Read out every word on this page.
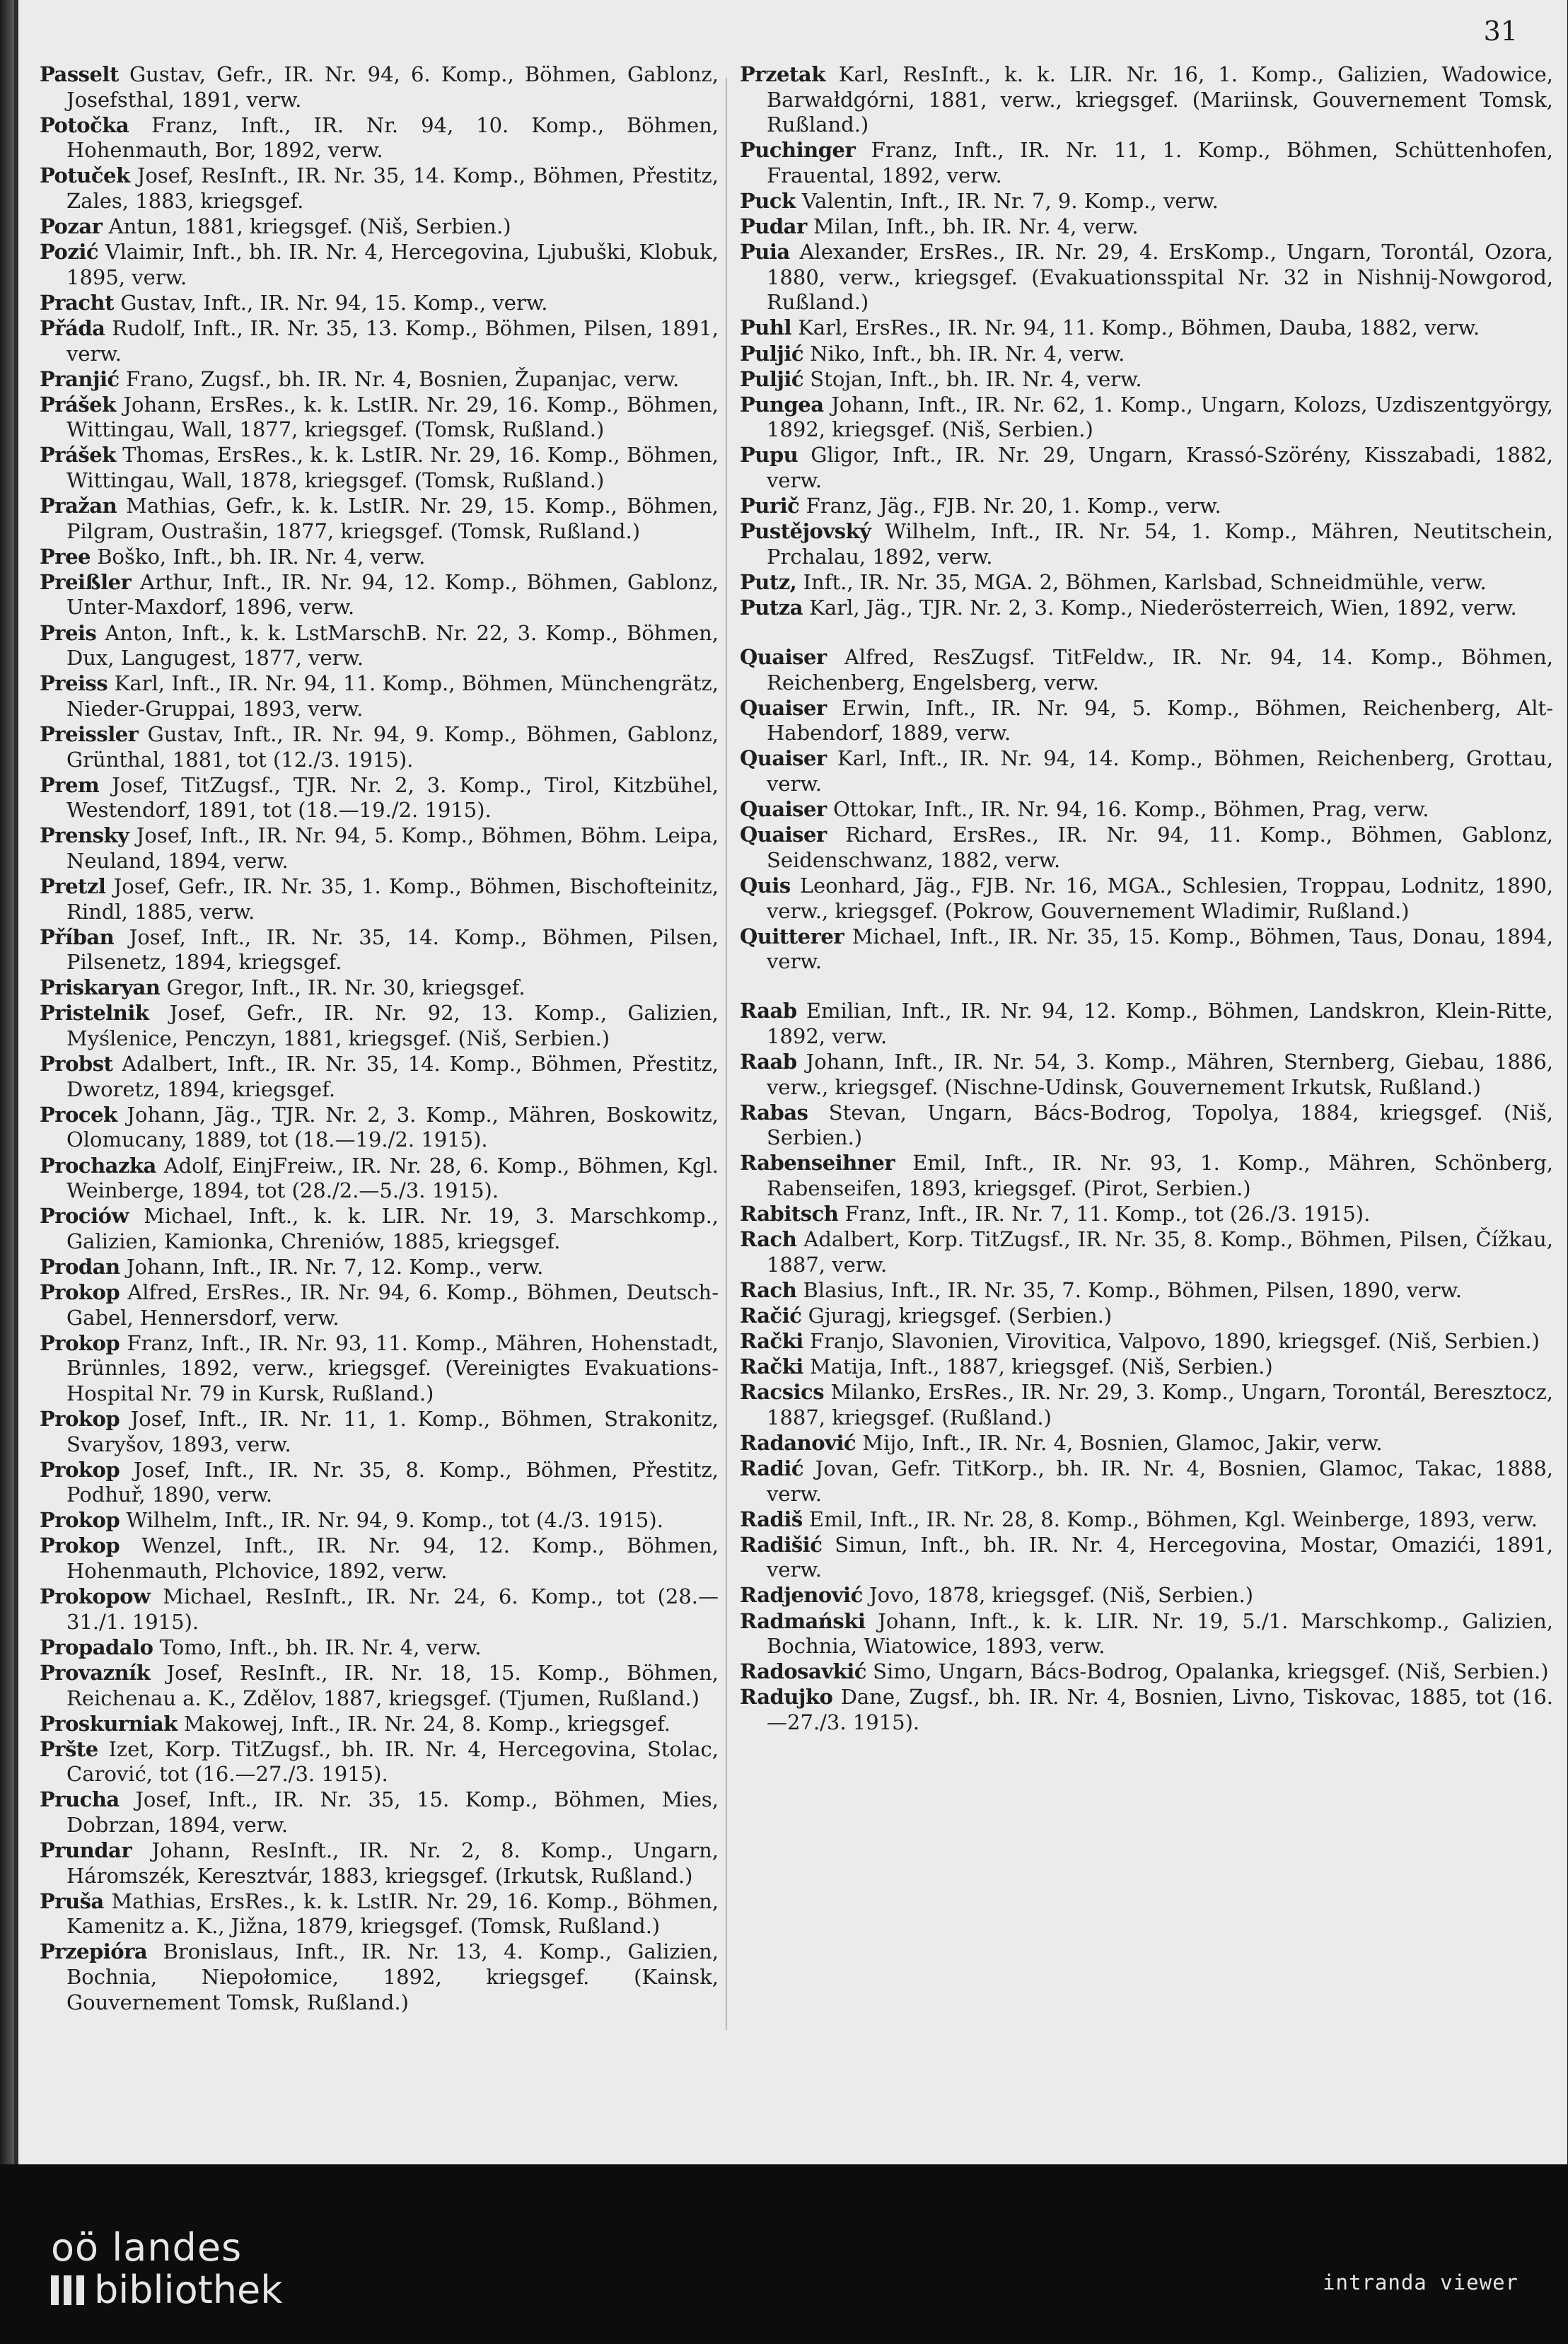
31
Passelt Gustav, Gefr., IR. Nr. 94, 6. Komp., Böhmen, Gablonz, Josefsthal, 1891, verw.
Potočka Franz, Inft., IR. Nr. 94, 10. Komp., Böhmen, Hohenmauth, Bor, 1892, verw.
Potuček Josef, ResInft., IR. Nr. 35, 14. Komp., Böhmen, Přestitz, Zales, 1883, kriegsgef.
Pozar Antun, 1881, kriegsgef. (Niš, Serbien.)
Pozić Vlaimir, Inft., bh. IR. Nr. 4, Hercegovina, Ljubuški, Klobuk, 1895, verw.
Pracht Gustav, Inft., IR. Nr. 94, 15. Komp., verw.
Přáda Rudolf, Inft., IR. Nr. 35, 13. Komp., Böhmen, Pilsen, 1891, verw.
Pranjić Frano, Zugsf., bh. IR. Nr. 4, Bosnien, Županjac, verw.
Prášek Johann, ErsRes., k. k. LstIR. Nr. 29, 16. Komp., Böhmen, Wittingau, Wall, 1877, kriegsgef. (Tomsk, Rußland.)
Prášek Thomas, ErsRes., k. k. LstIR. Nr. 29, 16. Komp., Böhmen, Wittingau, Wall, 1878, kriegsgef. (Tomsk, Rußland.)
Pražan Mathias, Gefr., k. k. LstIR. Nr. 29, 15. Komp., Böhmen, Pilgram, Oustrašin, 1877, kriegsgef. (Tomsk, Rußland.)
Pree Boško, Inft., bh. IR. Nr. 4, verw.
Preißler Arthur, Inft., IR. Nr. 94, 12. Komp., Böhmen, Gablonz, Unter-Maxdorf, 1896, verw.
Preis Anton, Inft., k. k. LstMarschB. Nr. 22, 3. Komp., Böhmen, Dux, Langugest, 1877, verw.
Preiss Karl, Inft., IR. Nr. 94, 11. Komp., Böhmen, Münchengrätz, Nieder-Gruppai, 1893, verw.
Preissler Gustav, Inft., IR. Nr. 94, 9. Komp., Böhmen, Gablonz, Grünthal, 1881, tot (12./3. 1915).
Prem Josef, TitZugsf., TJR. Nr. 2, 3. Komp., Tirol, Kitzbühel, Westendorf, 1891, tot (18.—19./2. 1915).
Prensky Josef, Inft., IR. Nr. 94, 5. Komp., Böhmen, Böhm. Leipa, Neuland, 1894, verw.
Pretzl Josef, Gefr., IR. Nr. 35, 1. Komp., Böhmen, Bischofteinitz, Rindl, 1885, verw.
Příban Josef, Inft., IR. Nr. 35, 14. Komp., Böhmen, Pilsen, Pilsenetz, 1894, kriegsgef.
Priskaryan Gregor, Inft., IR. Nr. 30, kriegsgef.
Pristelnik Josef, Gefr., IR. Nr. 92, 13. Komp., Galizien, Myślenice, Penczyn, 1881, kriegsgef. (Niš, Serbien.)
Probst Adalbert, Inft., IR. Nr. 35, 14. Komp., Böhmen, Přestitz, Dworetz, 1894, kriegsgef.
Procek Johann, Jäg., TJR. Nr. 2, 3. Komp., Mähren, Boskowitz, Olomucany, 1889, tot (18.—19./2. 1915).
Prochazka Adolf, EinjFreiw., IR. Nr. 28, 6. Komp., Böhmen, Kgl. Weinberge, 1894, tot (28./2.—5./3. 1915).
Prociów Michael, Inft., k. k. LIR. Nr. 19, 3. Marschkomp., Galizien, Kamionka, Chreniów, 1885, kriegsgef.
Prodan Johann, Inft., IR. Nr. 7, 12. Komp., verw.
Prokop Alfred, ErsRes., IR. Nr. 94, 6. Komp., Böhmen, Deutsch-Gabel, Hennersdorf, verw.
Prokop Franz, Inft., IR. Nr. 93, 11. Komp., Mähren, Hohenstadt, Brünnles, 1892, verw., kriegsgef. (Vereinigtes Evakuations-Hospital Nr. 79 in Kursk, Rußland.)
Prokop Josef, Inft., IR. Nr. 11, 1. Komp., Böhmen, Strakonitz, Svaryšov, 1893, verw.
Prokop Josef, Inft., IR. Nr. 35, 8. Komp., Böhmen, Přestitz, Podhuř, 1890, verw.
Prokop Wilhelm, Inft., IR. Nr. 94, 9. Komp., tot (4./3. 1915).
Prokop Wenzel, Inft., IR. Nr. 94, 12. Komp., Böhmen, Hohenmauth, Plchovice, 1892, verw.
Prokopow Michael, ResInft., IR. Nr. 24, 6. Komp., tot (28.—31./1. 1915).
Propadalo Tomo, Inft., bh. IR. Nr. 4, verw.
Provazník Josef, ResInft., IR. Nr. 18, 15. Komp., Böhmen, Reichenau a. K., Zdělov, 1887, kriegsgef. (Tjumen, Rußland.)
Proskurniak Makowej, Inft., IR. Nr. 24, 8. Komp., kriegsgef.
Pršte Izet, Korp. TitZugsf., bh. IR. Nr. 4, Hercegovina, Stolac, Carović, tot (16.—27./3. 1915).
Prucha Josef, Inft., IR. Nr. 35, 15. Komp., Böhmen, Mies, Dobrzan, 1894, verw.
Prundar Johann, ResInft., IR. Nr. 2, 8. Komp., Ungarn, Háromszék, Keresztvár, 1883, kriegsgef. (Irkutsk, Rußland.)
Pruša Mathias, ErsRes., k. k. LstIR. Nr. 29, 16. Komp., Böhmen, Kamenitz a. K., Jižna, 1879, kriegsgef. (Tomsk, Rußland.)
Przepióra Bronislaus, Inft., IR. Nr. 13, 4. Komp., Galizien, Bochnia, Niepołomice, 1892, kriegsgef. (Kainsk, Gouvernement Tomsk, Rußland.)
Przetak Karl, ResInft., k. k. LIR. Nr. 16, 1. Komp., Galizien, Wadowice, Barwałdgórni, 1881, verw., kriegsgef. (Mariinsk, Gouvernement Tomsk, Rußland.)
Puchinger Franz, Inft., IR. Nr. 11, 1. Komp., Böhmen, Schüttenhofen, Frauental, 1892, verw.
Puck Valentin, Inft., IR. Nr. 7, 9. Komp., verw.
Pudar Milan, Inft., bh. IR. Nr. 4, verw.
Puia Alexander, ErsRes., IR. Nr. 29, 4. ErsKomp., Ungarn, Torontál, Ozora, 1880, verw., kriegsgef. (Evakuationsspital Nr. 32 in Nishnij-Nowgorod, Rußland.)
Puhl Karl, ErsRes., IR. Nr. 94, 11. Komp., Böhmen, Dauba, 1882, verw.
Puljić Niko, Inft., bh. IR. Nr. 4, verw.
Puljić Stojan, Inft., bh. IR. Nr. 4, verw.
Pungea Johann, Inft., IR. Nr. 62, 1. Komp., Ungarn, Kolozs, Uzdiszentgyörgy, 1892, kriegsgef. (Niš, Serbien.)
Pupu Gligor, Inft., IR. Nr. 29, Ungarn, Krassó-Szörény, Kisszabadi, 1882, verw.
Purič Franz, Jäg., FJB. Nr. 20, 1. Komp., verw.
Pustějovský Wilhelm, Inft., IR. Nr. 54, 1. Komp., Mähren, Neutitschein, Prchalau, 1892, verw.
Putz, Inft., IR. Nr. 35, MGA. 2, Böhmen, Karlsbad, Schneidmühle, verw.
Putza Karl, Jäg., TJR. Nr. 2, 3. Komp., Niederösterreich, Wien, 1892, verw.
Quaiser Alfred, ResZugsf. TitFeldw., IR. Nr. 94, 14. Komp., Böhmen, Reichenberg, Engelsberg, verw.
Quaiser Erwin, Inft., IR. Nr. 94, 5. Komp., Böhmen, Reichenberg, Alt-Habendorf, 1889, verw.
Quaiser Karl, Inft., IR. Nr. 94, 14. Komp., Böhmen, Reichenberg, Grottau, verw.
Quaiser Ottokar, Inft., IR. Nr. 94, 16. Komp., Böhmen, Prag, verw.
Quaiser Richard, ErsRes., IR. Nr. 94, 11. Komp., Böhmen, Gablonz, Seidenschwanz, 1882, verw.
Quis Leonhard, Jäg., FJB. Nr. 16, MGA., Schlesien, Troppau, Lodnitz, 1890, verw., kriegsgef. (Pokrow, Gouvernement Wladimir, Rußland.)
Quitterer Michael, Inft., IR. Nr. 35, 15. Komp., Böhmen, Taus, Donau, 1894, verw.
Raab Emilian, Inft., IR. Nr. 94, 12. Komp., Böhmen, Landskron, Klein-Ritte, 1892, verw.
Raab Johann, Inft., IR. Nr. 54, 3. Komp., Mähren, Sternberg, Giebau, 1886, verw., kriegsgef. (Nischne-Udinsk, Gouvernement Irkutsk, Rußland.)
Rabas Stevan, Ungarn, Bács-Bodrog, Topolya, 1884, kriegsgef. (Niš, Serbien.)
Rabenseihner Emil, Inft., IR. Nr. 93, 1. Komp., Mähren, Schönberg, Rabenseifen, 1893, kriegsgef. (Pirot, Serbien.)
Rabitsch Franz, Inft., IR. Nr. 7, 11. Komp., tot (26./3. 1915).
Rach Adalbert, Korp. TitZugsf., IR. Nr. 35, 8. Komp., Böhmen, Pilsen, Čížkau, 1887, verw.
Rach Blasius, Inft., IR. Nr. 35, 7. Komp., Böhmen, Pilsen, 1890, verw.
Račić Gjuragj, kriegsgef. (Serbien.)
Rački Franjo, Slavonien, Virovitica, Valpovo, 1890, kriegsgef. (Niš, Serbien.)
Rački Matija, Inft., 1887, kriegsgef. (Niš, Serbien.)
Racsics Milanko, ErsRes., IR. Nr. 29, 3. Komp., Ungarn, Torontál, Beresztocz, 1887, kriegsgef. (Rußland.)
Radanović Mijo, Inft., IR. Nr. 4, Bosnien, Glamoc, Jakir, verw.
Radić Jovan, Gefr. TitKorp., bh. IR. Nr. 4, Bosnien, Glamoc, Takac, 1888, verw.
Radiš Emil, Inft., IR. Nr. 28, 8. Komp., Böhmen, Kgl. Weinberge, 1893, verw.
Radišić Simun, Inft., bh. IR. Nr. 4, Hercegovina, Mostar, Omazići, 1891, verw.
Radjenović Jovo, 1878, kriegsgef. (Niš, Serbien.)
Radmański Johann, Inft., k. k. LIR. Nr. 19, 5./1. Marschkomp., Galizien, Bochnia, Wiatowice, 1893, verw.
Radosavkić Simo, Ungarn, Bács-Bodrog, Opalanka, kriegsgef. (Niš, Serbien.)
Radujko Dane, Zugsf., bh. IR. Nr. 4, Bosnien, Livno, Tiskovac, 1885, tot (16.—27./3. 1915).
oö landes
bibliothek	intranda viewer
